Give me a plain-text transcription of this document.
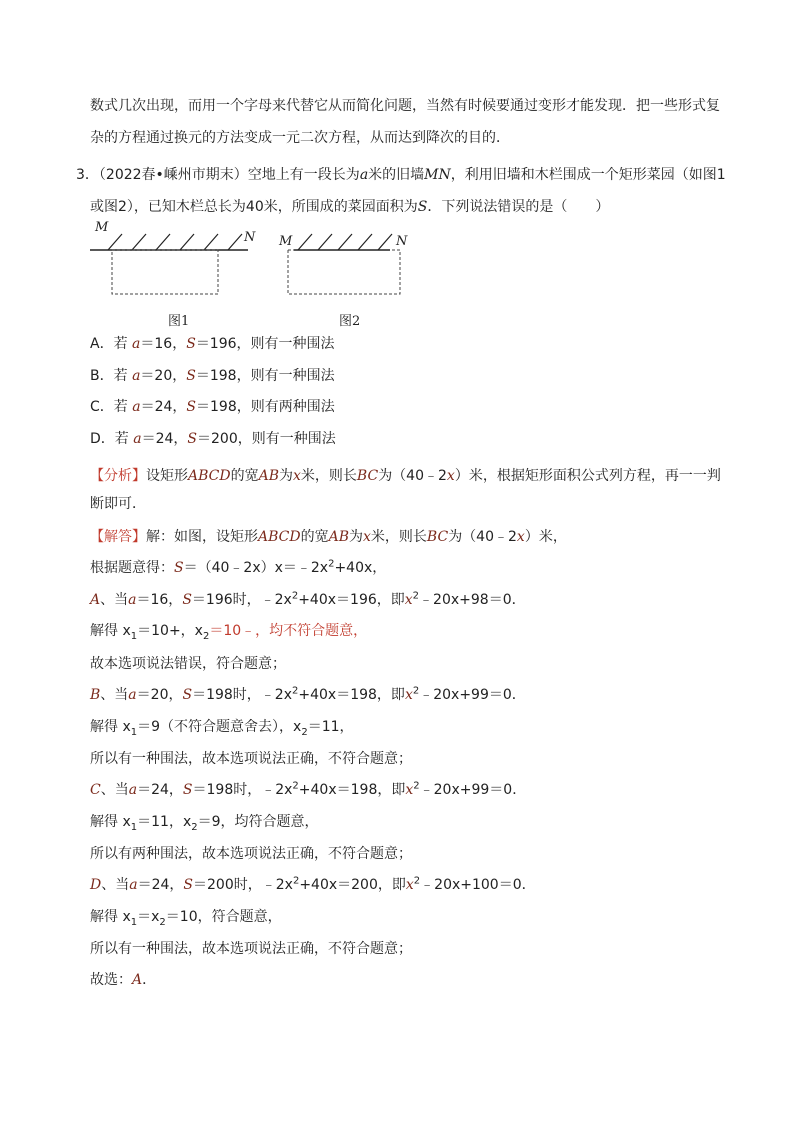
数式几次出现，而用一个字母来代替它从而简化问题，当然有时候要通过变形才能发现．把一些形式复
杂的方程通过换元的方法变成一元二次方程，从而达到降次的目的．
3．（2022春•嵊州市期末）空地上有一段长为a米的旧墙MN，利用旧墙和木栏围成一个矩形菜园（如图1
或图2），已知木栏总长为40米，所围成的菜园面积为S．下列说法错误的是（　　）
M
N
图1
M	N
图2
A．若 a＝16，S＝196，则有一种围法
B．若 a＝20，S＝198，则有一种围法
C．若 a＝24，S＝198，则有两种围法
D．若 a＝24，S＝200，则有一种围法
【分析】设矩形ABCD的宽AB为x米，则长BC为（40﹣2x）米，根据矩形面积公式列方程，再一一判
断即可．
【解答】解：如图，设矩形ABCD的宽AB为x米，则长BC为（40﹣2x）米，
根据题意得：$S=(40﹣2x)x=﹣2x^2+40x$，
A、当a＝16，S＝196时，$﹣2x^2+40x=196$，即$x^2﹣20x+98=0$．
解得 $x_1=10+$，$x_2=10﹣$，均不符合题意，
故本选项说法错误，符合题意；
B、当a＝20，S＝198时，$﹣2x^2+40x=198$，即$x^2﹣20x+99=0$．
解得 $x_1=9$（不符合题意舍去），$x_2=11$，
所以有一种围法，故本选项说法正确，不符合题意；
C、当a＝24，S＝198时，$﹣2x^2+40x=198$，即$x^2﹣20x+99=0$．
解得 $x_1=11$，$x_2=9$，均符合题意，
所以有两种围法，故本选项说法正确，不符合题意；
D、当a＝24，S＝200时，$﹣2x^2+40x=200$，即$x^2﹣20x+100=0$．
解得 $x_1=x_2=10$，符合题意，
所以有一种围法，故本选项说法正确，不符合题意；
故选：A．
